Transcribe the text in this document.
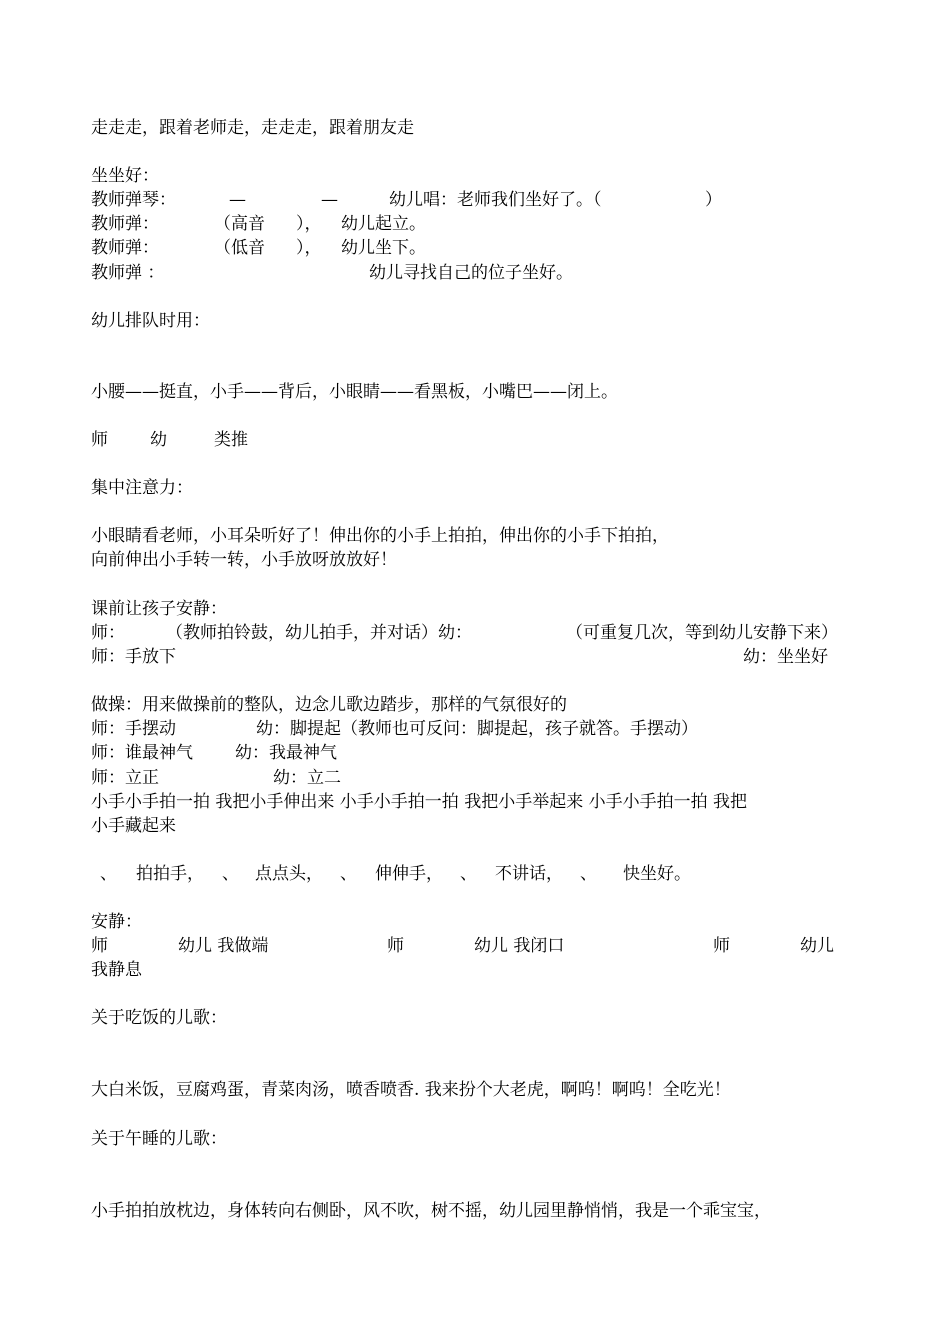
走走走，跟着老师走，走走走，跟着朋友走
坐坐好：
教师弹琴：	—	—	幼儿唱：老师我们坐好了。（	）
教师弹：	（高音 ）， 幼儿起立。
教师弹：	（低音 ）， 幼儿坐下。
教师弹 ：	幼儿寻找自己的位子坐好。
幼儿排队时用：
小腰——挺直，小手——背后，小眼睛——看黑板，小嘴巴——闭上。
师 幼	类推
集中注意力：
小眼睛看老师，小耳朵听好了！伸出你的小手上拍拍，伸出你的小手下拍拍，
向前伸出小手转一转，小手放呀放放好！
课前让孩子安静：
师： （教师拍铃鼓，幼儿拍手，并对话）幼：	（可重复几次，等到幼儿安静下来）
师：手放下	幼：坐坐好
做操：用来做操前的整队，边念儿歌边踏步，那样的气氛很好的
师：手摆动	幼：脚提起（教师也可反问：脚提起，孩子就答。手摆动）
师：谁最神气 幼：我最神气
师：立正	幼：立二
小手小手拍一拍 我把小手伸出来 小手小手拍一拍 我把小手举起来 小手小手拍一拍 我把
小手藏起来
、 拍拍手， 、 点点头， 、 伸伸手， 、 不讲话， 、 快坐好。
安静：
师	幼儿 我做端	师	幼儿 我闭口	师	幼儿
我静息
关于吃饭的儿歌：
大白米饭，豆腐鸡蛋，青菜肉汤，喷香喷香. 我来扮个大老虎，啊呜！啊呜！全吃光！
关于午睡的儿歌：
小手拍拍放枕边，身体转向右侧卧，风不吹，树不摇，幼儿园里静悄悄，我是一个乖宝宝，
